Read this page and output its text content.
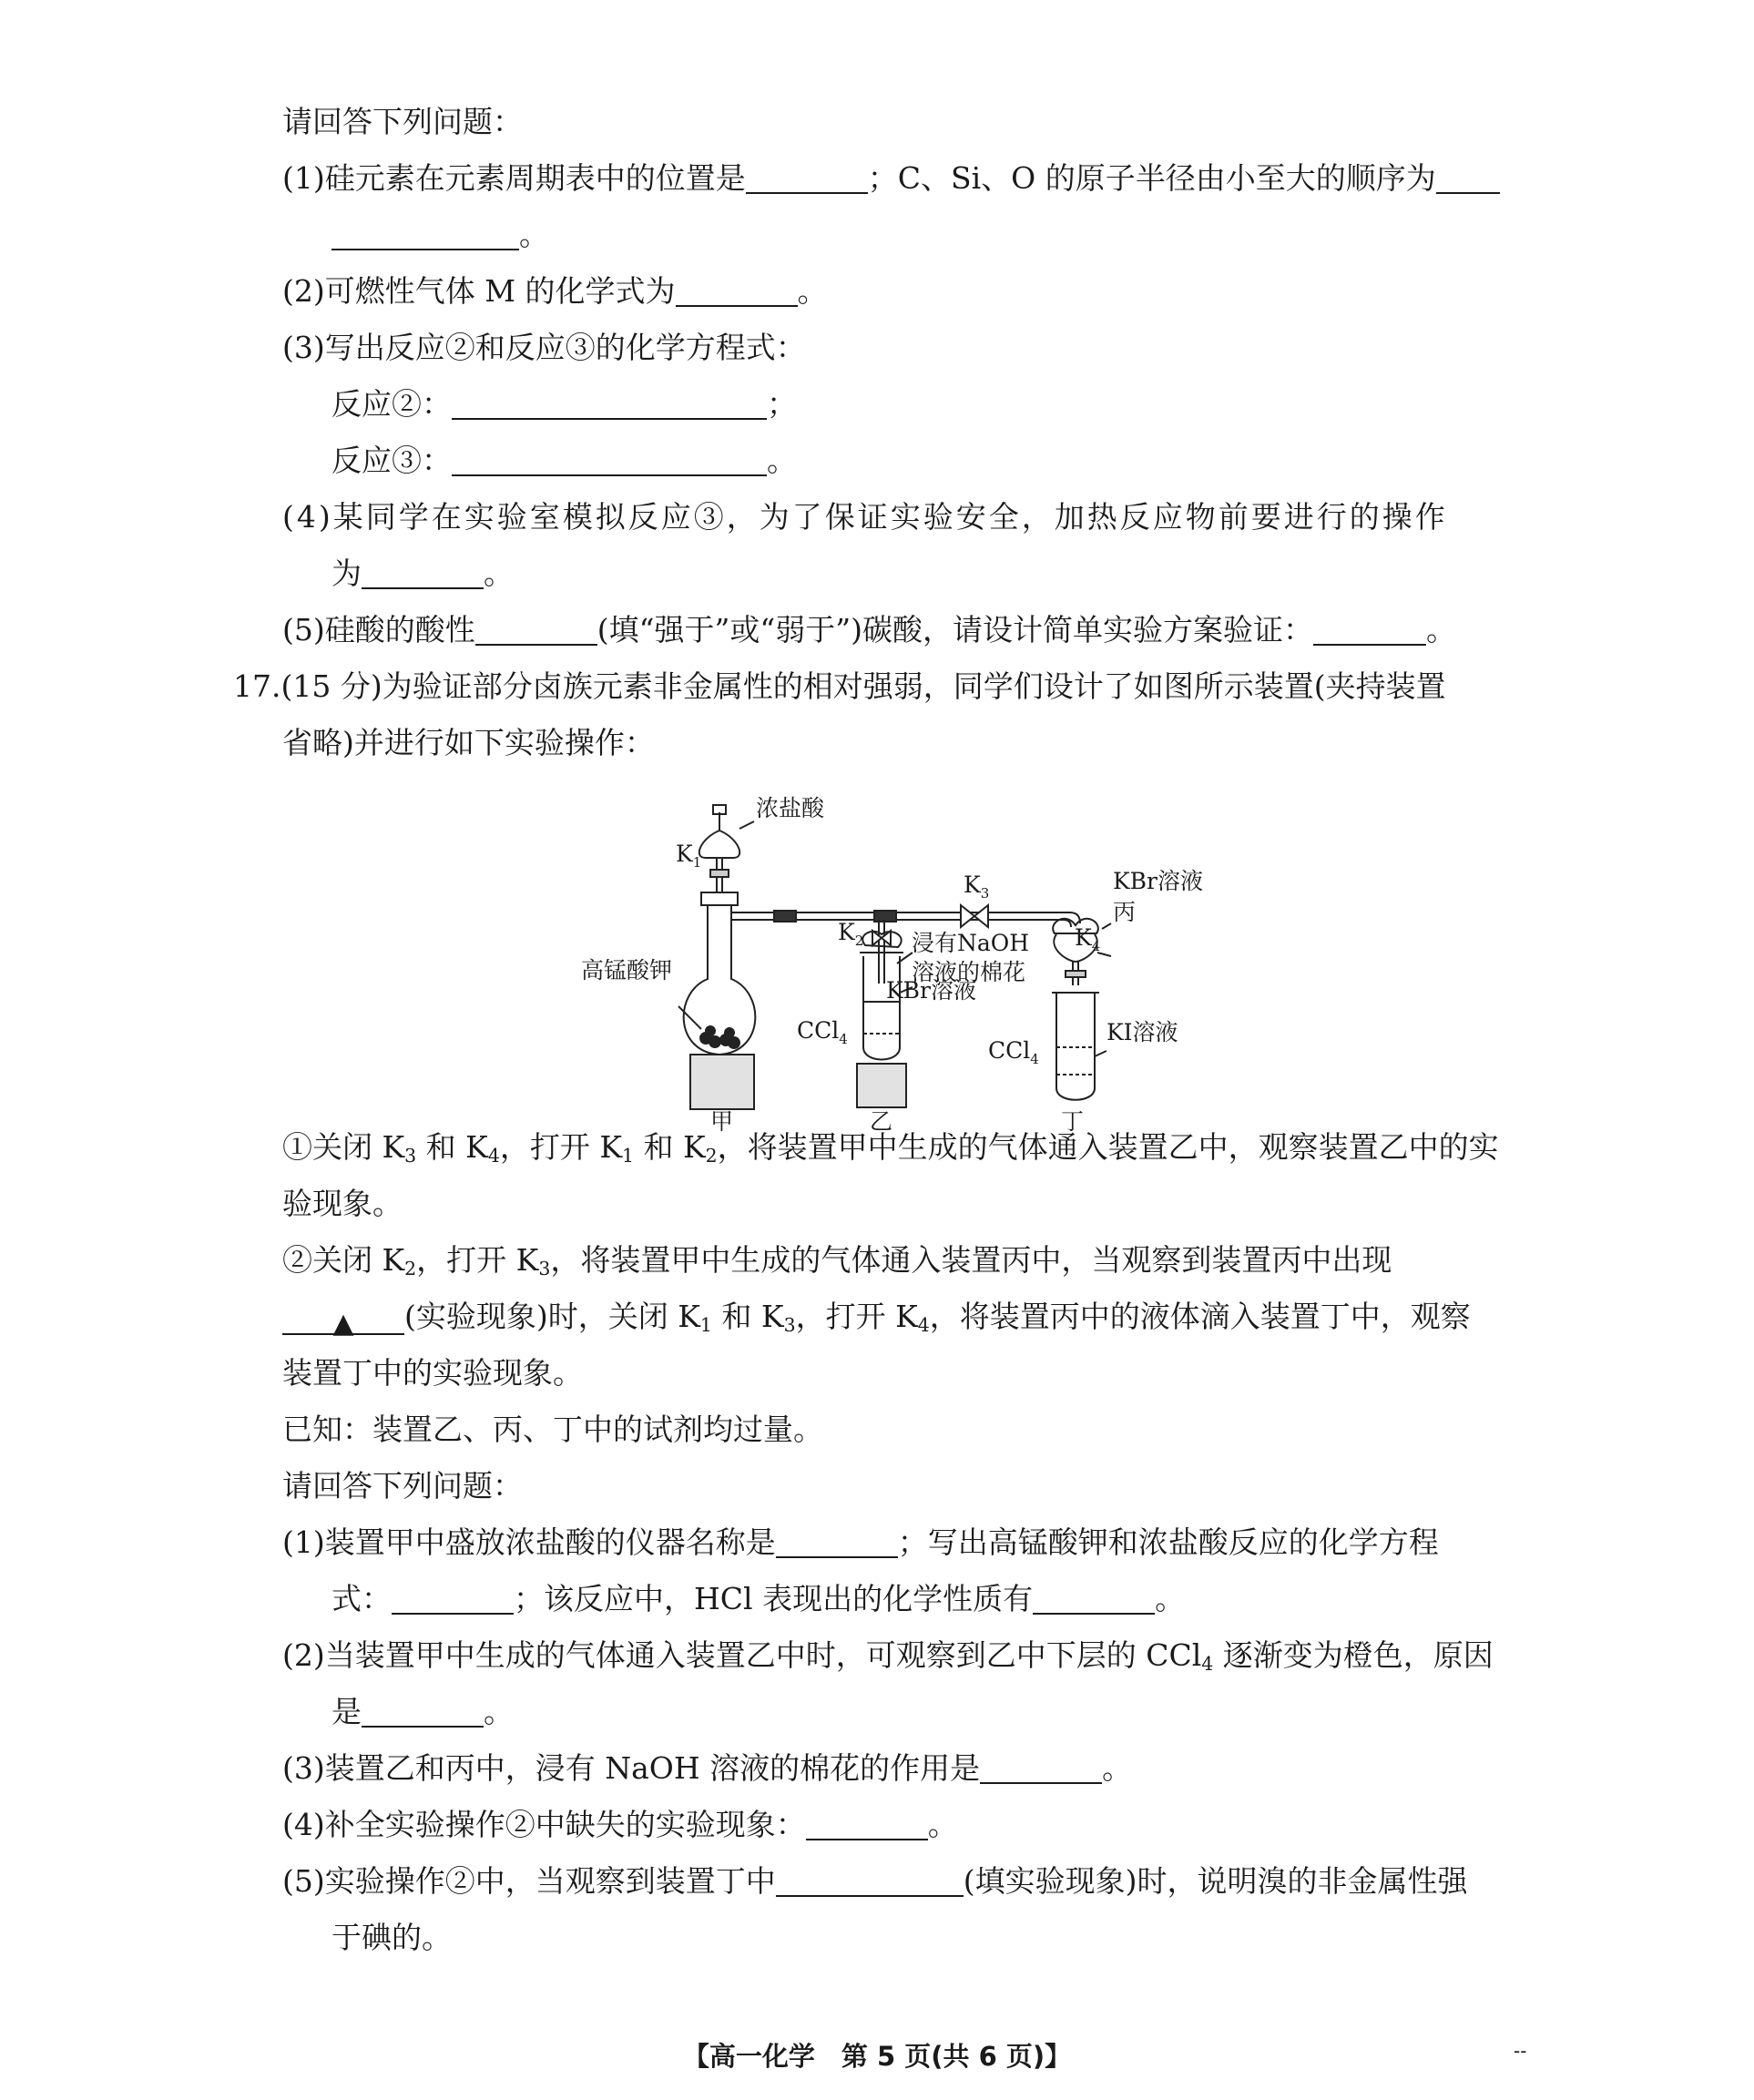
请回答下列问题：
(1)硅元素在元素周期表中的位置是	；C、Si、O 的原子半径由小至大的顺序为
。
(2)可燃性气体 M 的化学式为	。
(3)写出反应②和反应③的化学方程式：
反应②：	；
反应③：	。
(4)某同学在实验室模拟反应③，为了保证实验安全，加热反应物前要进行的操作
为	。
(5)硅酸的酸性	(填“强于”或“弱于”)碳酸，请设计简单实验方案验证：	。
17.(15 分)为验证部分卤族元素非金属性的相对强弱，同学们设计了如图所示装置(夹持装置
省略)并进行如下实验操作：
浓盐酸
$K_1$
$K_3$
$K_2$ 浸有NaOH
溶液的棉花
KBr溶液
丙
$K_4$
高锰酸钾
KBr溶液
CCl$_4$	KI溶液
CCl$_4$
甲	乙	丁
①关闭 $K_3$ 和 $K_4$，打开 $K_1$ 和 $K_2$，将装置甲中生成的气体通入装置乙中，观察装置乙中的实
验现象。
②关闭 $K_2$，打开 $K_3$，将装置甲中生成的气体通入装置丙中，当观察到装置丙中出现
▲ (实验现象)时，关闭 $K_1$ 和 $K_3$，打开 $K_4$，将装置丙中的液体滴入装置丁中，观察
装置丁中的实验现象。
已知：装置乙、丙、丁中的试剂均过量。
请回答下列问题：
(1)装置甲中盛放浓盐酸的仪器名称是	；写出高锰酸钾和浓盐酸反应的化学方程
式：	；该反应中，HCl 表现出的化学性质有	。
(2)当装置甲中生成的气体通入装置乙中时，可观察到乙中下层的 CCl$_4$ 逐渐变为橙色，原因
是	。
(3)装置乙和丙中，浸有 NaOH 溶液的棉花的作用是	。
(4)补全实验操作②中缺失的实验现象：	。
(5)实验操作②中，当观察到装置丁中	(填实验现象)时，说明溴的非金属性强
于碘的。
【高一化学　第 5 页(共 6 页)】	--
